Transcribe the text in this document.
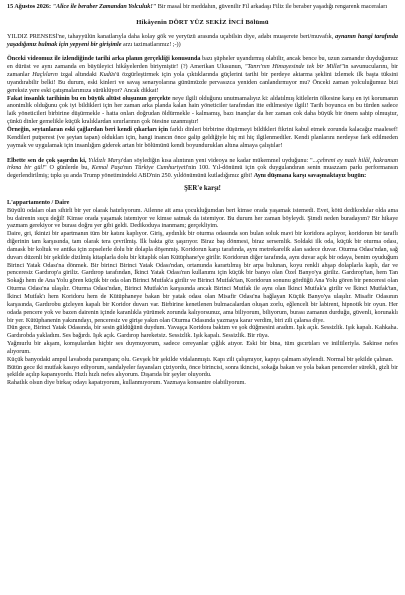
15 Ağustos 2026: "Alice ile beraber Zamandan Yolculuk!" Bir masal bir meddahın, güvenilir Fil arkadaşı Filiz ile beraber yaşadığı rengarenk maceraları

Hikâyenin DÖRT YÜZ SEKİZ İNCİ Bölümü

YILDIZ PRENSESİ'ne, tahayyülün kanatlarıyla daha kolay gök ve yeryüzü arasında uçabilsin diye, adabı muaşerete beri/muvafık, aynanın hangi tarafında yaşadığımız bulmak için yepyeni bir girişimle arzı tazimatlarımız! ;-))

Önceki videomuz ile izlendiğinde tarihi arka planın gerçekliği konusunda bazı şüpheler uyandırmış olabilir, ancak bence bu, uzun zamandır duyduğumuz en dürüst ve aynı zamanda en büyüleyici hikâyelerden biriymiştir! (?) Amerikan Ulusunun, "Tanrı'nın Himayesinde tek bir Millet"in savunucularını, bir zamanlar Haçlıların izgal altındaki Kudüs'ü özgürleştirmek için yola çıktıklarında güçlerini tarihi bir perdeye aktarma şeklini izlemek ilk başta tüksini uyandırabilir belki! Bu durum, eski kinleri ve savaş senaryolarına günümüzde pervasızca yeniden canlandırmıyor mu? Önceki zaman yolculuğumuz bizi gereksiz yere eski çatışmalarımıza sürüklüyor? Ancak dikkat!

Fakat insanlık tarihinin bu en büyük altüst oluşunun gerçekte neye ilgili olduğunu unutmamalıyız ki: aldatılmış kitlelerin ölkesine karşı en iyi korumanın anonimlik olduğunu çok iyi bildikleri için her zaman arka planda kalan hain yöneticiler tarafından itte edilmesiye ilgili! Tarih boyunca en bu türden sadece laik yöneticileri birbirine düşürmekle - hatta onları doğrudan öldürmekle - kalmamış, bazı inançlar da her zaman cok daha büyük bir önem sahip olmuştur, çünkü dinler gemelikle küçük kralıklardan sınırlarının çok ötesine uzanmıştır!

Örneğin, seytanlaran eski çağlardan beri kendi çıkarları için farklı dinleri birbirine düşürmeyi bildikleri fikrini kabul etmek zorunda kalacağız maalesef! Kendileri putperest (ve şeytan tapan) oldukları için, hangi inancın önce galip geldiğiyle hiç mi hiç ilgilenmediler. Kendi planlarını nerdeyse fark edilmeden yaymak ve uygulamak için insanlığım giderek artan bir bölümünü kendi boyunduruklan altına almaya çalıştılar!

Elbette sen de çok şaşırdın ki, Yıldızlı Marşı'dan söylediğin kısa alıntının yeni videoya ne kadar mükemmel uyduğunu: "...çehreni ey nazlı hilâl, hakraman irkma bir gül!" O günlerde bu, Kemal Paşa'nın Türkiye Cumhuriyeti'nin 100. Yıl-dönümü için çok duygulandıran senin muazzam parkı performansın degerlendirilmiş; tıpkı şu anda Trump yönetimindeki ABD'nin 250. yıldönümünü kutladığımız gibi! Aynı düşmana karşı savaşmaktayız bugün:

ŞER'e karşı!

L'appartamento / Daire

Büyülü odaları olan sihirli bir yer olarak hatırlıyorum. Ailenne ait ama çocukluğumdan beri kimse orada yaşamak istemedi. Evet, kötü dedikodular olda ama bu dairenin suçu değil! Kimse orada yaşamak istemiyor ve kimse satmak da istemiyor. Bu durum her zaman böyleydi. Şimdi neden buradayım? Bir hikaye yazmam gerekiyor ve burası doğru yer gibi geldi. Dedikoduya inanmam; gerçekliyim.

Daire, gri, ikinizi bir apartmanın tüm bir katını kaplıyor. Giriş, aydınlık bir oturma odasında son bulan soluk mavi bir koridora açılıyor, koridorun bir taraflı diğerinin tam karşısında, tam olarak tera çevrilmiş. İlk bakta göz şaşırıyor. Biraz baş dönmesi, biraz sersemlik. Soldaki ilk oda, küçük bir oturma odası, damask bir koltuk ve antika için zıpselerle dolu bir dolapla döşenmiş. Koridorun karşı tarafında, aynı metrekarelik alan sadece duvar. Oturma Odası'ndan, sağ duvarı düzenli bir şekilde dizilmiş kitaplarla dolu bir kitaplık olan Kütüphane'ye girilir. Koridorun diğer tarafında, aynı duvar açık bir odaya, benim oyuduğum Birinci Yatak Odası'na dönmek. Bir birinci Birinci Yatak Odası'ndan, ortamında karartılmış bir arpa bulunan, koyu renkli ahşap dolaplarla kaplı, dar ve penceresiz Gardırop'a giriliz. Gardırop tarafından, İkinci Yatak Odası'nın kullanımı için küçük bir banyo olan Özel Banyo'ya giriliz. Gardırop'tan, hem Tan Sokağı hem de Ana Yolu gören küçük bir oda olan Birinci Mutfak'a girilir ve Birinci Mutfak'tan, Koridorun sonunu gördüğü Ana Yolu gören bir penceresi olan Oturma Odası'na ulaşılır. Oturma Odası'ndan, Birinci Mutfak'ın karşısında ancak Birinci Mutfak ile aynı olan İkinci Mutfak'a girilir ve İkinci Mutfak'tan, İkinci Mutfak'ı hem Koridoru hem de Kütüphaneye bakan bir yatak odası olan Misafir Odası'na bağlayan Küçük Banyo'ya ulaşılır. Misafir Odasının karşısında, Gardırobu gizleyen kapalı bir Koridor duvarı var. Birbirine kenetlenen bulmacalardan oluşan zorlu, eğlenceli bir labirent, hipnotik bir oyun. Her odada pencere yok ve bazen dairenin içinde karanlıkla yürümek zorunda kalıyorsunuz, ama biliyorum, biliyorum, burası zamanın durduğu, güvenli, korunaklı bir yer. Kütüphanenin yakınındayı, penceresiz ve girişe yakın olan Oturma Odasında yazmaya karar verdim, biri zili çalarsa diye.

Dün gece, Birinci Yatak Odasında, bir sesin güldüğünü duydum. Yavaşça Koridora baktım ve şok düğmesini aradım. Işık açık. Sessizlik. Işık kapalı. Kahkaha. Gardırobda yakladım. Ses bağırdı. Işık açık. Gardırop hareketsiz. Sessizlik. Işık kapalı. Sessizlik. Bir rüya.

Yağmurlu bir akşam, komşulardan hiçbir ses duymuyorum, sadece cereyanlar çığlık atıyor. Eski bir bina, tüm gıcırtıları ve iniltileriyla. Sakinse nefes alıyorum.

Küçük banyodaki ampul lavabodu parampanç olu. Gevşek bir şekilde vidalanmıştı. Kapı zili çalışmıyor, kapıyı çalmam söylendi. Normal bir şekilde çalınan.

Bütün gece iki mutfak kasıyo ediyorum, sandalyeler fayansları çiziyordu, önce birincisi, sonra ikincisi, sokağa bakan ve yola bakan pencereler sürekli, gizli bir şekilde açılıp kapanıyordu. Hızlı hızlı nefes alıyorum. Dışarıda bir şeyler oluyordu.

Rahatlık olsun diye birkaç odayı kapatıyorum, kullanmıyorum. Yazmaya konsantre olabiliyorum.
